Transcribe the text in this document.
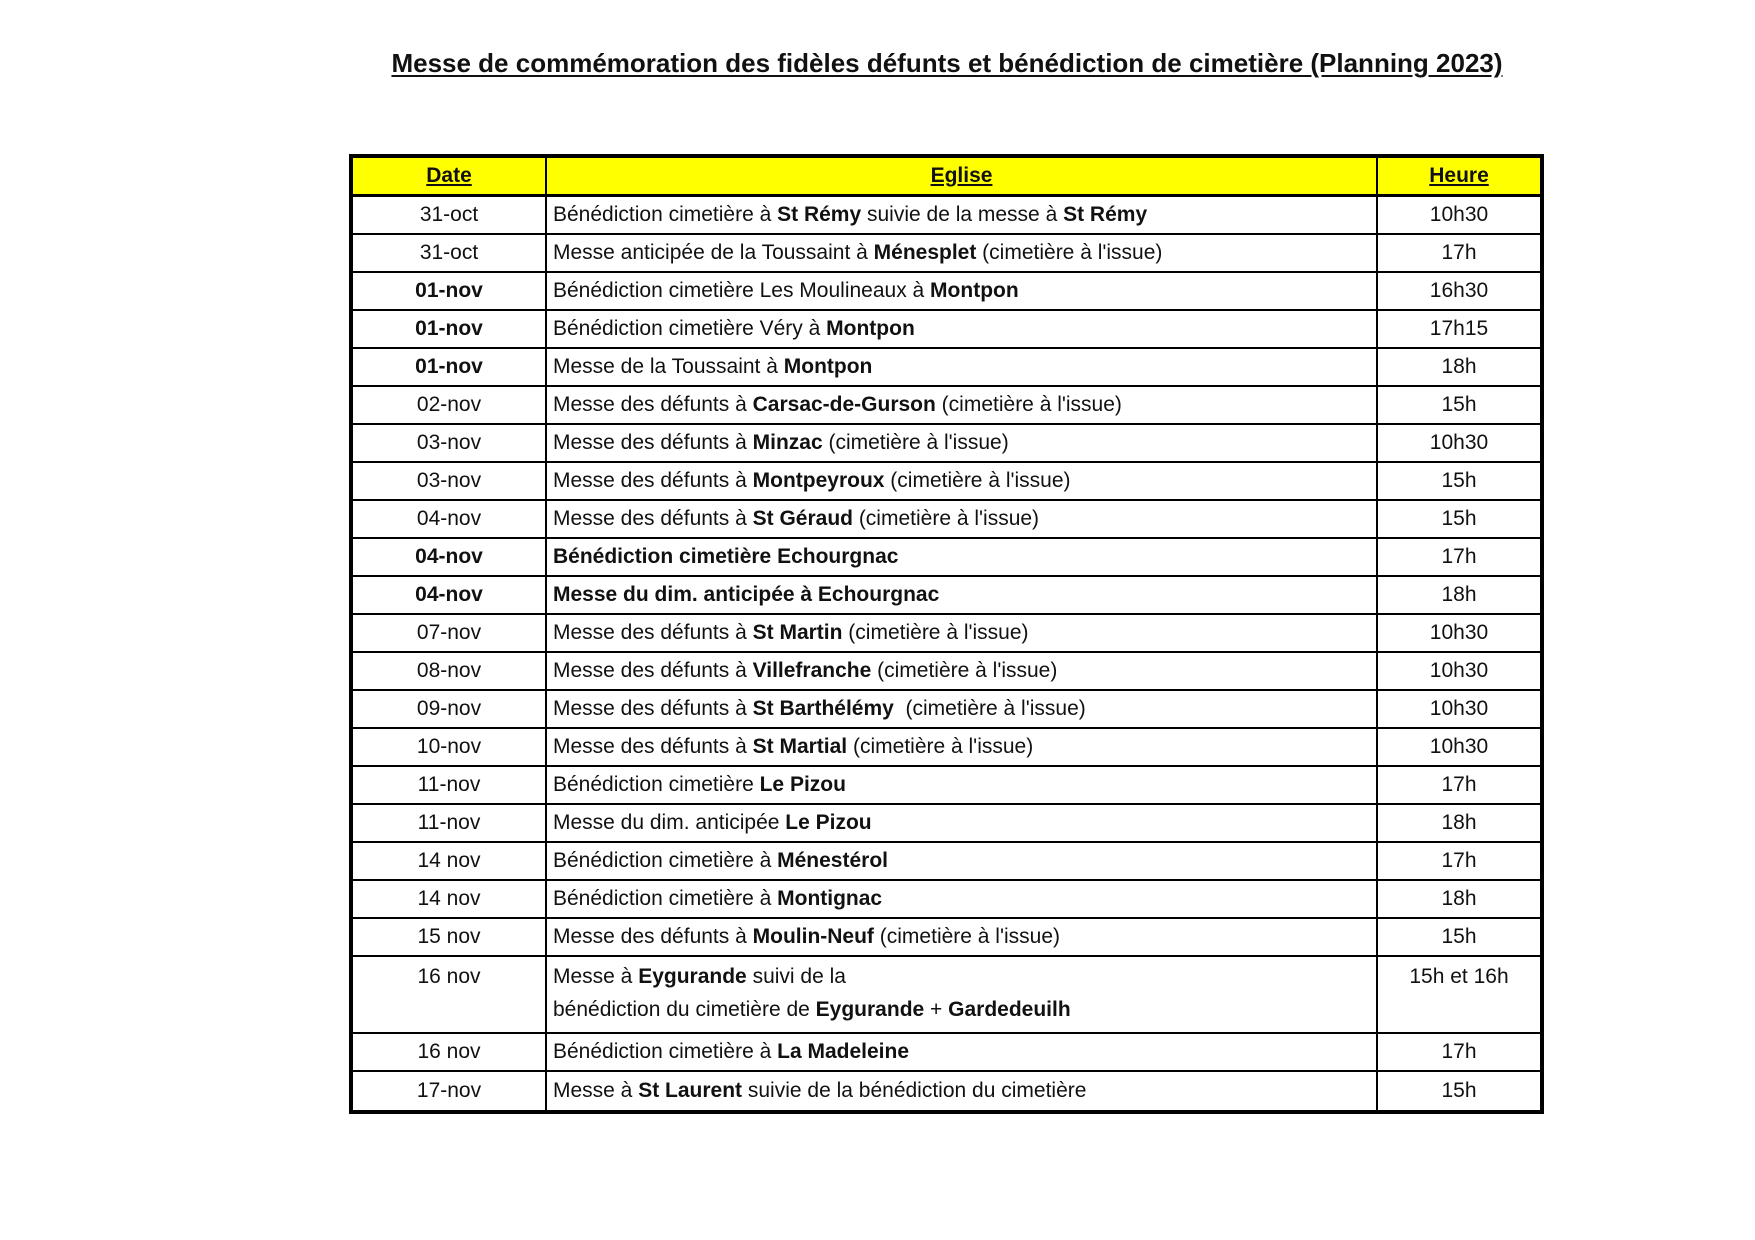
Messe de commémoration des fidèles défunts et bénédiction de cimetière (Planning 2023)
Date	Eglise	Heure
31-oct	Bénédiction cimetière à St Rémy suivie de la messe à St Rémy	10h30
31-oct	Messe anticipée de la Toussaint à Ménesplet (cimetière à l'issue)	17h
01-nov	Bénédiction cimetière Les Moulineaux à Montpon	16h30
01-nov	Bénédiction cimetière Véry à Montpon	17h15
01-nov	Messe de la Toussaint à Montpon	18h
02-nov	Messe des défunts à Carsac-de-Gurson (cimetière à l'issue)	15h
03-nov	Messe des défunts à Minzac (cimetière à l'issue)	10h30
03-nov	Messe des défunts à Montpeyroux (cimetière à l'issue)	15h
04-nov	Messe des défunts à St Géraud (cimetière à l'issue)	15h
04-nov	Bénédiction cimetière Echourgnac	17h
04-nov	Messe du dim. anticipée à Echourgnac	18h
07-nov	Messe des défunts à St Martin (cimetière à l'issue)	10h30
08-nov	Messe des défunts à Villefranche (cimetière à l'issue)	10h30
09-nov	Messe des défunts à St Barthélémy  (cimetière à l'issue)	10h30
10-nov	Messe des défunts à St Martial (cimetière à l'issue)	10h30
11-nov	Bénédiction cimetière Le Pizou	17h
11-nov	Messe du dim. anticipée Le Pizou	18h
14 nov	Bénédiction cimetière à Ménestérol	17h
14 nov	Bénédiction cimetière à Montignac	18h
15 nov	Messe des défunts à Moulin-Neuf (cimetière à l'issue)	15h
16 nov	Messe à Eygurande suivi de la
bénédiction du cimetière de Eygurande + Gardedeuilh	15h et 16h
16 nov	Bénédiction cimetière à La Madeleine	17h
17-nov	Messe à St Laurent suivie de la bénédiction du cimetière	15h
